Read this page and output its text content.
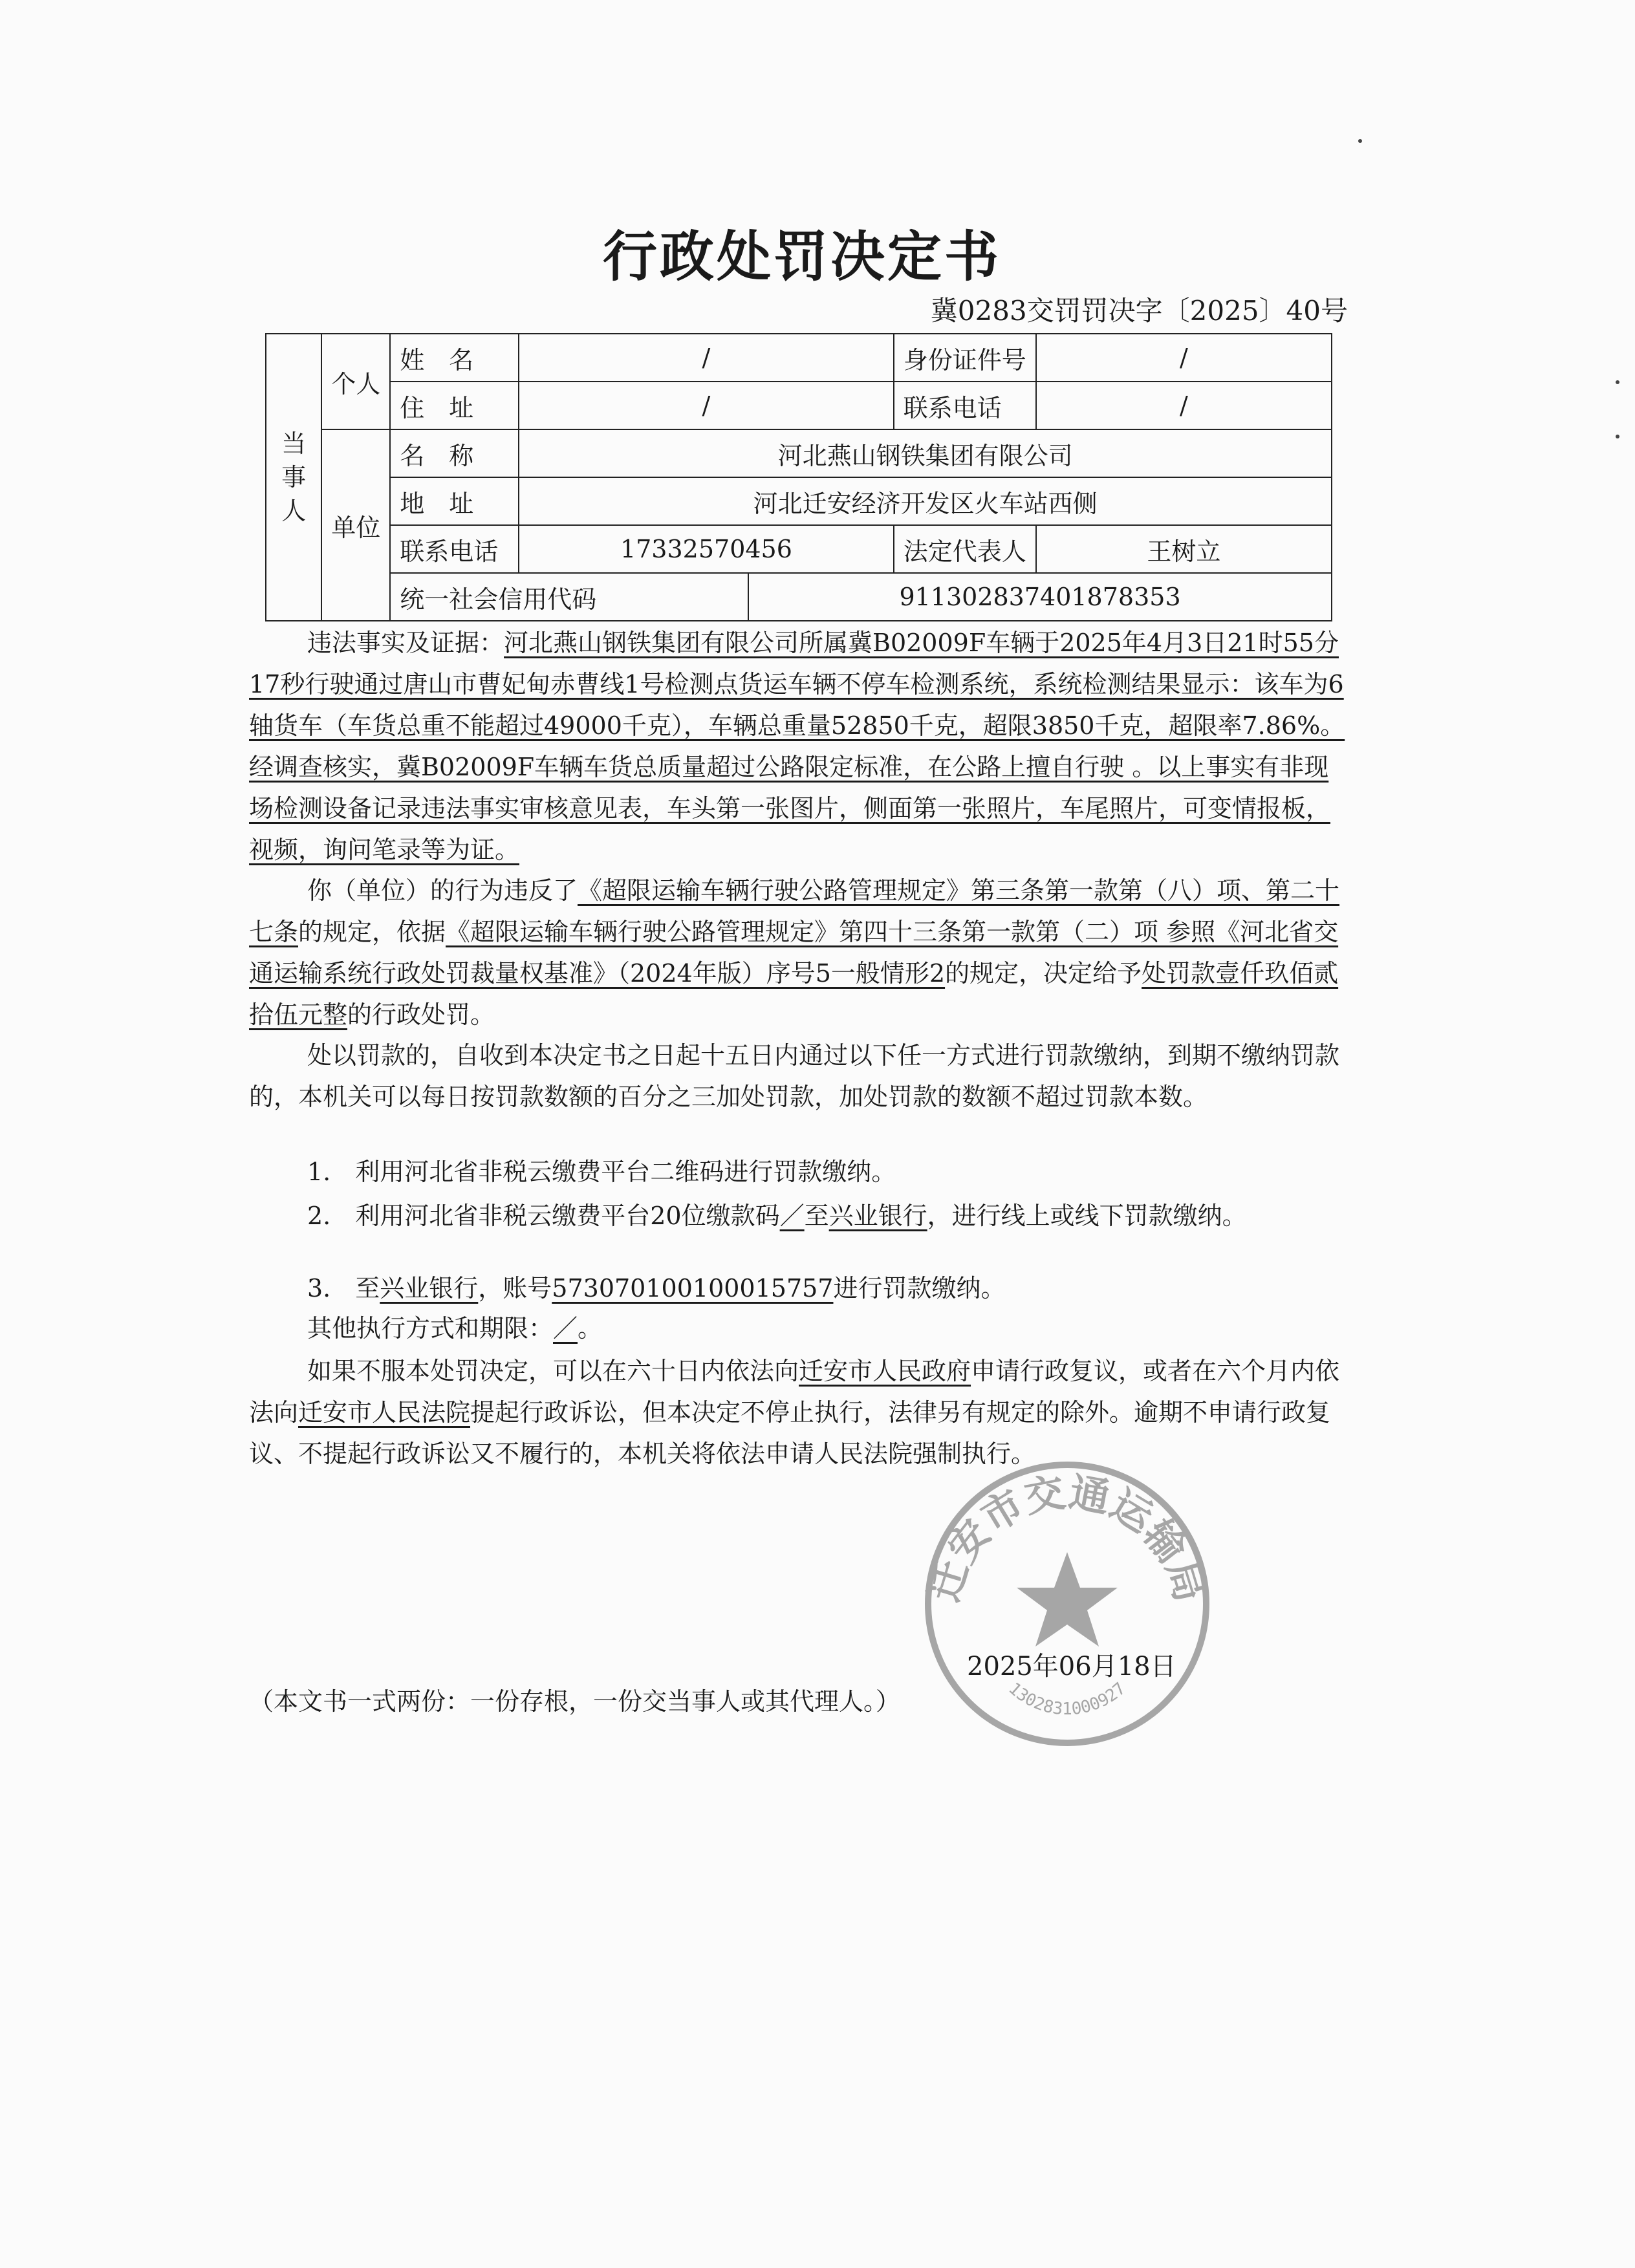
行政处罚决定书
冀0283交罚罚决字〔2025〕40号
当事人	个人	姓　名	/		身份证件号	/
		住　址	/		联系电话	/
	单位	名　称	河北燕山钢铁集团有限公司			
		地　址	河北迁安经济开发区火车站西侧			
		联系电话	17332570456		法定代表人	王树立
		统一社会信用代码		911302837401878353		

违法事实及证据：河北燕山钢铁集团有限公司所属冀B02009F车辆于2025年4月3日21时55分17秒行驶通过唐山市曹妃甸赤曹线1号检测点货运车辆不停车检测系统，系统检测结果显示：该车为6轴货车（车货总重不能超过49000千克），车辆总重量52850千克，超限3850千克，超限率7.86%。经调查核实，冀B02009F车辆车货总质量超过公路限定标准，在公路上擅自行驶 。以上事实有非现场检测设备记录违法事实审核意见表，车头第一张图片，侧面第一张照片，车尾照片，可变情报板，视频，询问笔录等为证。

你（单位）的行为违反了《超限运输车辆行驶公路管理规定》第三条第一款第（八）项、第二十七条的规定，依据《超限运输车辆行驶公路管理规定》第四十三条第一款第（二）项 参照《河北省交通运输系统行政处罚裁量权基准》（2024年版）序号5一般情形2的规定，决定给予处罚款壹仟玖佰贰拾伍元整的行政处罚。

处以罚款的，自收到本决定书之日起十五日内通过以下任一方式进行罚款缴纳，到期不缴纳罚款的，本机关可以每日按罚款数额的百分之三加处罚款，加处罚款的数额不超过罚款本数。

1.　利用河北省非税云缴费平台二维码进行罚款缴纳。

2.　利用河北省非税云缴费平台20位缴款码／至兴业银行，进行线上或线下罚款缴纳。

3.　至兴业银行，账号573070100100015757进行罚款缴纳。

其他执行方式和期限：／。

如果不服本处罚决定，可以在六十日内依法向迁安市人民政府申请行政复议，或者在六个月内依法向迁安市人民法院提起行政诉讼，但本决定不停止执行，法律另有规定的除外。逾期不申请行政复议、不提起行政诉讼又不履行的，本机关将依法申请人民法院强制执行。

迁安市交通运输局
1302831000927
2025年06月18日
（本文书一式两份：一份存根，一份交当事人或其代理人。）
